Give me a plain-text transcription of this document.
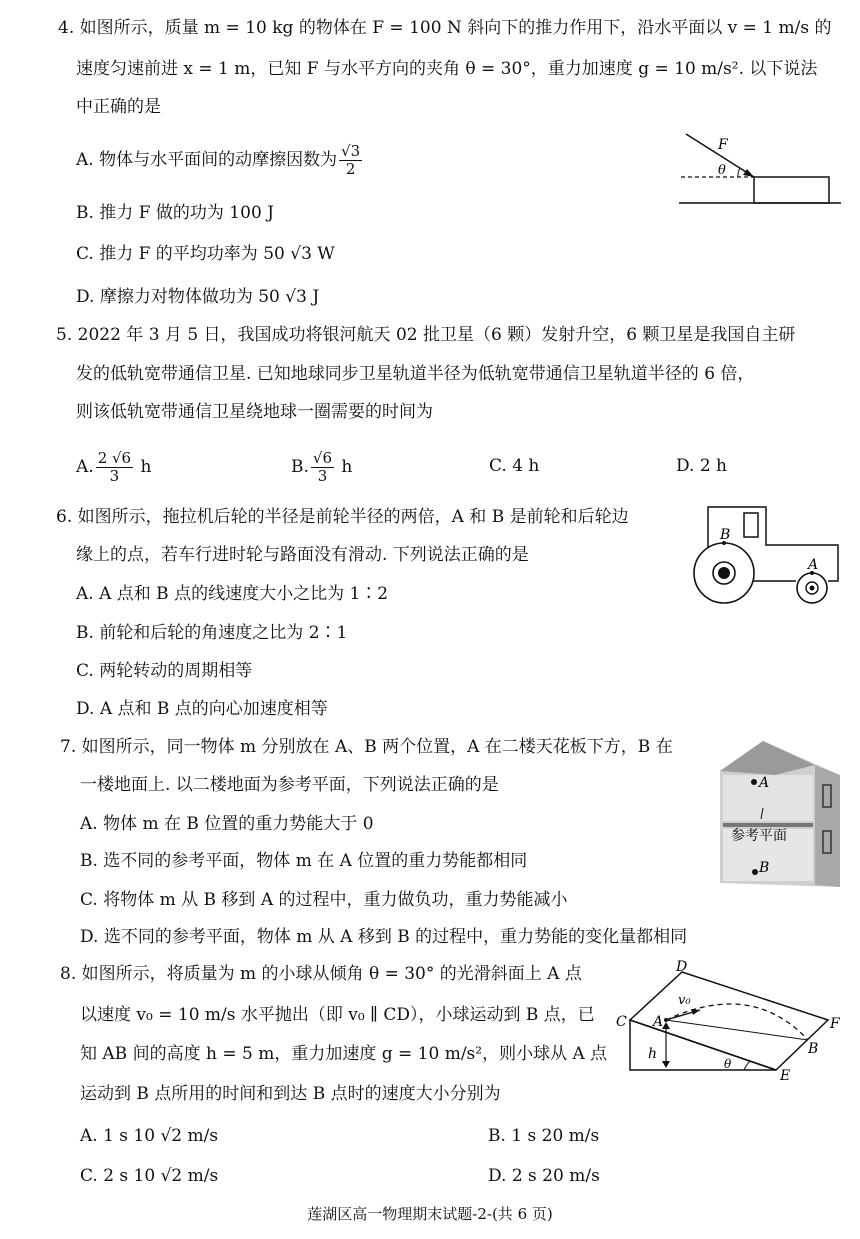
4. 如图所示，质量 m = 10 kg 的物体在 F = 100 N 斜向下的推力作用下，沿水平面以 v = 1 m/s 的
速度匀速前进 x = 1 m，已知 F 与水平方向的夹角 θ = 30°，重力加速度 g = 10 m/s². 以下说法
中正确的是
A. 物体与水平面间的动摩擦因数为 $\frac{√3}{2}$
B. 推力 F 做的功为 100 J
C. 推力 F 的平均功率为 50 √3 W
D. 摩擦力对物体做功为 50 √3 J
F
θ
5. 2022 年 3 月 5 日，我国成功将银河航天 02 批卫星（6 颗）发射升空，6 颗卫星是我国自主研
发的低轨宽带通信卫星. 已知地球同步卫星轨道半径为低轨宽带通信卫星轨道半径的 6 倍，
则该低轨宽带通信卫星绕地球一圈需要的时间为
A. $\frac{2 √6}{3}$ h	B. $\frac{√6}{3}$ h	C. 4 h	D. 2 h
6. 如图所示，拖拉机后轮的半径是前轮半径的两倍，A 和 B 是前轮和后轮边
缘上的点，若车行进时轮与路面没有滑动. 下列说法正确的是
A. A 点和 B 点的线速度大小之比为 1∶2
B. 前轮和后轮的角速度之比为 2∶1
C. 两轮转动的周期相等
D. A 点和 B 点的向心加速度相等
B
A
7. 如图所示，同一物体 m 分别放在 A、B 两个位置，A 在二楼天花板下方，B 在
一楼地面上. 以二楼地面为参考平面，下列说法正确的是
A. 物体 m 在 B 位置的重力势能大于 0
B. 选不同的参考平面，物体 m 在 A 位置的重力势能都相同
C. 将物体 m 从 B 移到 A 的过程中，重力做负功，重力势能减小
D. 选不同的参考平面，物体 m 从 A 移到 B 的过程中，重力势能的变化量都相同
A
B
参考平面
8. 如图所示，将质量为 m 的小球从倾角 θ = 30° 的光滑斜面上 A 点
以速度 v₀ = 10 m/s 水平抛出（即 v₀ ∥ CD），小球运动到 B 点，已
知 AB 间的高度 h = 5 m，重力加速度 g = 10 m/s²，则小球从 A 点
运动到 B 点所用的时间和到达 B 点时的速度大小分别为
A. 1 s 10 √2 m/s	B. 1 s 20 m/s
C. 2 s 10 √2 m/s	D. 2 s 20 m/s
D
C A
v₀
F
B
h
θ
E
莲湖区高一物理期末试题-2-(共 6 页)
